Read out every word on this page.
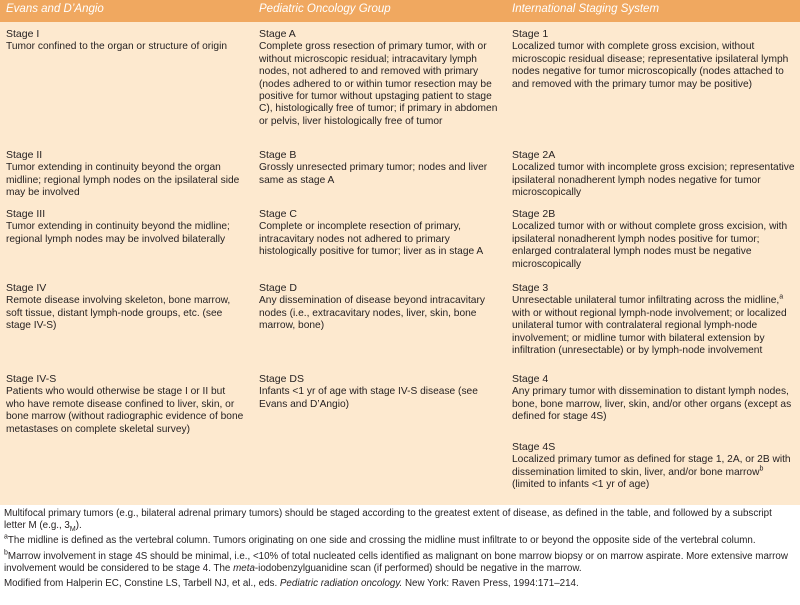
Evans and D’Angio	Pediatric Oncology Group	International Staging System
Stage I
Tumor confined to the organ or structure of origin
Stage II
Tumor extending in continuity beyond the organ midline; regional lymph nodes on the ipsilateral side may be involved
Stage III
Tumor extending in continuity beyond the midline; regional lymph nodes may be involved bilaterally
Stage IV
Remote disease involving skeleton, bone marrow, soft tissue, distant lymph-node groups, etc. (see stage IV-S)
Stage IV-S
Patients who would otherwise be stage I or II but who have remote disease confined to liver, skin, or bone marrow (without radiographic evidence of bone metastases on complete skeletal survey)
Stage A
Complete gross resection of primary tumor, with or without microscopic residual; intracavitary lymph nodes, not adhered to and removed with primary (nodes adhered to or within tumor resection may be positive for tumor without upstaging patient to stage C), histologically free of tumor; if primary in abdomen or pelvis, liver histologically free of tumor
Stage B
Grossly unresected primary tumor; nodes and liver same as stage A
Stage C
Complete or incomplete resection of primary, intracavitary nodes not adhered to primary histologically positive for tumor; liver as in stage A
Stage D
Any dissemination of disease beyond intracavitary nodes (i.e., extracavitary nodes, liver, skin, bone marrow, bone)
Stage DS
Infants <1 yr of age with stage IV-S disease (see Evans and D’Angio)
Stage 1
Localized tumor with complete gross excision, without microscopic residual disease; representative ipsilateral lymph nodes negative for tumor microscopically (nodes attached to and removed with the primary tumor may be positive)
Stage 2A
Localized tumor with incomplete gross excision; representative ipsilateral nonadherent lymph nodes negative for tumor microscopically
Stage 2B
Localized tumor with or without complete gross excision, with ipsilateral nonadherent lymph nodes positive for tumor; enlarged contralateral lymph nodes must be negative microscopically
Stage 3
Unresectable unilateral tumor infiltrating across the midline,$^a$ with or without regional lymph-node involvement; or localized unilateral tumor with contralateral regional lymph-node involvement; or midline tumor with bilateral extension by infiltration (unresectable) or by lymph-node involvement
Stage 4
Any primary tumor with dissemination to distant lymph nodes, bone, bone marrow, liver, skin, and/or other organs (except as defined for stage 4S)
Stage 4S
Localized primary tumor as defined for stage 1, 2A, or 2B with dissemination limited to skin, liver, and/or bone marrow$^b$ (limited to infants <1 yr of age)

Multifocal primary tumors (e.g., bilateral adrenal primary tumors) should be staged according to the greatest extent of disease, as defined in the table, and followed by a subscript letter M (e.g., $3_M$).

$^a$The midline is defined as the vertebral column. Tumors originating on one side and crossing the midline must infiltrate to or beyond the opposite side of the vertebral column.

$^b$Marrow involvement in stage 4S should be minimal, i.e., <10% of total nucleated cells identified as malignant on bone marrow biopsy or on marrow aspirate. More extensive marrow involvement would be considered to be stage 4. The meta-iodobenzylguanidine scan (if performed) should be negative in the marrow.

Modified from Halperin EC, Constine LS, Tarbell NJ, et al., eds. Pediatric radiation oncology. New York: Raven Press, 1994:171–214.
